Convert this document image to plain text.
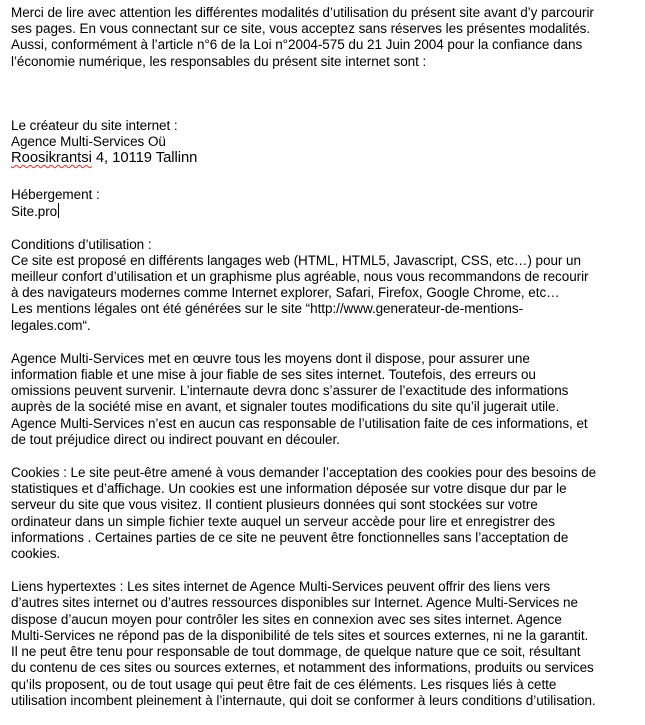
Merci de lire avec attention les différentes modalités d’utilisation du présent site avant d’y parcourir
ses pages. En vous connectant sur ce site, vous acceptez sans réserves les présentes modalités.
Aussi, conformément à l’article n°6 de la Loi n°2004-575 du 21 Juin 2004 pour la confiance dans
l’économie numérique, les responsables du présent site internet sont :
Le créateur du site internet :
Agence Multi-Services Oü
Roosikrantsi 4, 10119 Tallinn
Hébergement :
Site.pro
Conditions d’utilisation :
Ce site est proposé en différents langages web (HTML, HTML5, Javascript, CSS, etc…) pour un
meilleur confort d’utilisation et un graphisme plus agréable, nous vous recommandons de recourir
à des navigateurs modernes comme Internet explorer, Safari, Firefox, Google Chrome, etc…
Les mentions légales ont été générées sur le site “http://www.generateur-de-mentions-
legales.com“.
Agence Multi-Services met en œuvre tous les moyens dont il dispose, pour assurer une
information fiable et une mise à jour fiable de ses sites internet. Toutefois, des erreurs ou
omissions peuvent survenir. L’internaute devra donc s’assurer de l’exactitude des informations
auprès de la société mise en avant, et signaler toutes modifications du site qu’il jugerait utile.
Agence Multi-Services n’est en aucun cas responsable de l’utilisation faite de ces informations, et
de tout préjudice direct ou indirect pouvant en découler.
Cookies : Le site peut-être amené à vous demander l’acceptation des cookies pour des besoins de
statistiques et d’affichage. Un cookies est une information déposée sur votre disque dur par le
serveur du site que vous visitez. Il contient plusieurs données qui sont stockées sur votre
ordinateur dans un simple fichier texte auquel un serveur accède pour lire et enregistrer des
informations . Certaines parties de ce site ne peuvent être fonctionnelles sans l’acceptation de
cookies.
Liens hypertextes : Les sites internet de Agence Multi-Services peuvent offrir des liens vers
d’autres sites internet ou d’autres ressources disponibles sur Internet. Agence Multi-Services ne
dispose d’aucun moyen pour contrôler les sites en connexion avec ses sites internet. Agence
Multi-Services ne répond pas de la disponibilité de tels sites et sources externes, ni ne la garantit.
Il ne peut être tenu pour responsable de tout dommage, de quelque nature que ce soit, résultant
du contenu de ces sites ou sources externes, et notamment des informations, produits ou services
qu’ils proposent, ou de tout usage qui peut être fait de ces éléments. Les risques liés à cette
utilisation incombent pleinement à l’internaute, qui doit se conformer à leurs conditions d’utilisation.
